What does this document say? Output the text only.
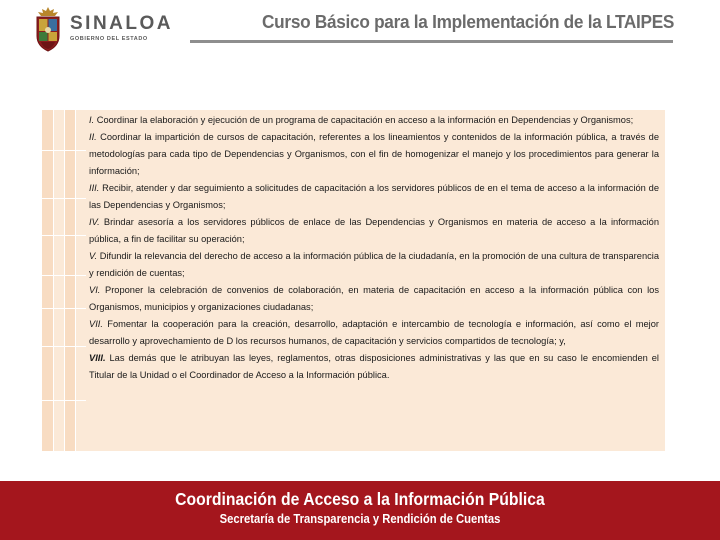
SINALOA
GOBIERNO DEL ESTADO
Curso Básico para la Implementación de la LTAIPES

I. Coordinar la elaboración y ejecución de un programa de capacitación en acceso a la información en Dependencias y Organismos;

II. Coordinar la impartición de cursos de capacitación, referentes a los lineamientos y contenidos de la información pública, a través de metodologías para cada tipo de Dependencias y Organismos, con el fin de homogenizar el manejo y los procedimientos para generar la información;

III. Recibir, atender y dar seguimiento a solicitudes de capacitación a los servidores públicos de en el tema de acceso a la información de las Dependencias y Organismos;

IV. Brindar asesoría a los servidores públicos de enlace de las Dependencias y Organismos en materia de acceso a la información pública, a fin de facilitar su operación;

V. Difundir la relevancia del derecho de acceso a la información pública de la ciudadanía, en la promoción de una cultura de transparencia y rendición de cuentas;

VI. Proponer la celebración de convenios de colaboración, en materia de capacitación en acceso a la información pública con los Organismos, municipios y organizaciones ciudadanas;

VII. Fomentar la cooperación para la creación, desarrollo, adaptación e intercambio de tecnología e información, así como el mejor desarrollo y aprovechamiento de D los recursos humanos, de capacitación y servicios compartidos de tecnología; y,

VIII. Las demás que le atribuyan las leyes, reglamentos, otras disposiciones administrativas y las que en su caso le encomienden el Titular de la Unidad o el Coordinador de Acceso a la Información pública.

Coordinación de Acceso a la Información Pública
Secretaría de Transparencia y Rendición de Cuentas
